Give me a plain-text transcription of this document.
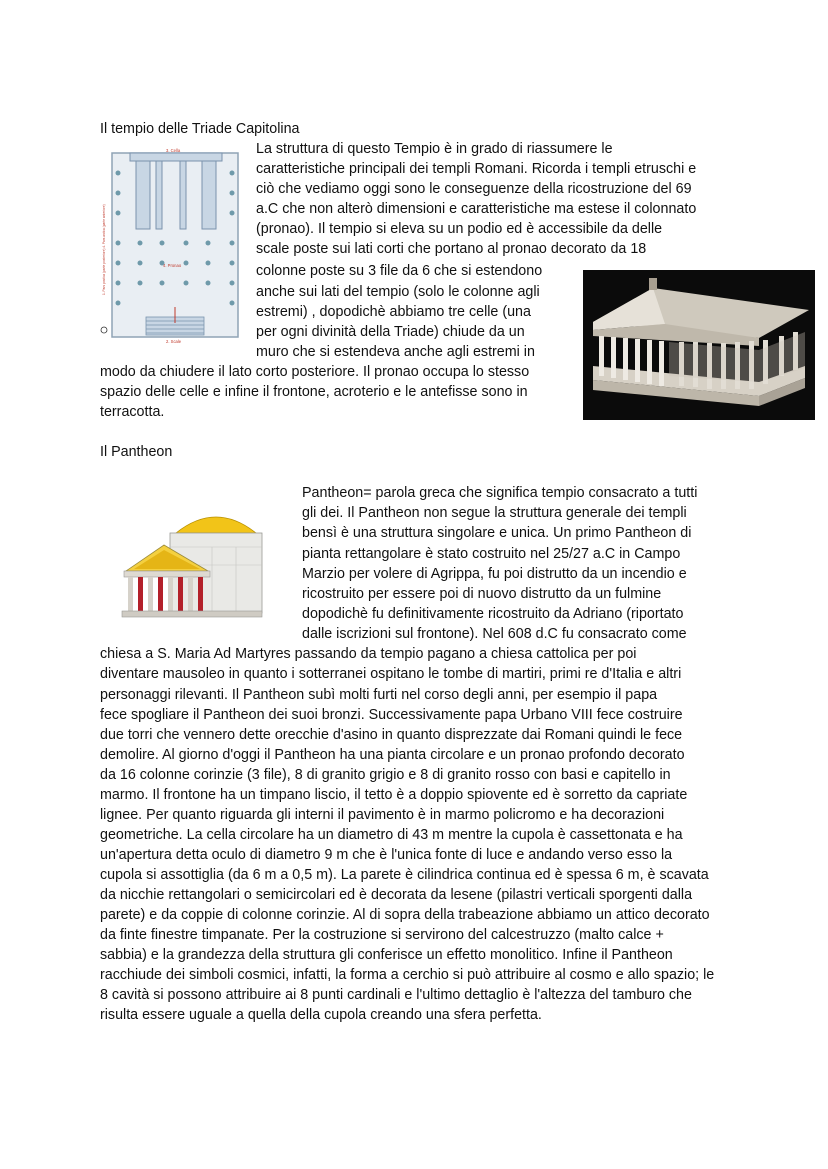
Il tempio delle Triade Capitolina
3. Cella
4. Pronao
2. Scale
1. Pars postica (parte posteriore) 4. Pars antica (parte anteriore)
La struttura di questo Tempio è in grado di riassumere le
caratteristiche principali dei templi Romani. Ricorda i templi etruschi e
ciò che vediamo oggi sono le conseguenze della ricostruzione del 69
a.C che non alterò dimensioni e caratteristiche ma estese il colonnato
(pronao). Il tempio si eleva su un podio ed è accessibile da delle
scale poste sui lati corti che portano al pronao decorato da 18
colonne poste su 3 file da 6 che si estendono
anche sui lati del tempio (solo le colonne agli
estremi) , dopodichè abbiamo tre celle (una
per ogni divinità della Triade) chiude da un
muro che si estendeva anche agli estremi in
modo da chiudere il lato corto posteriore. Il pronao occupa lo stesso
spazio delle celle e infine il frontone, acroterio e le antefisse sono in
terracotta.
Il Pantheon
Pantheon= parola greca che significa tempio consacrato a tutti
gli dei. Il Pantheon non segue la struttura generale dei templi
bensì è una struttura singolare e unica. Un primo Pantheon di
pianta rettangolare è stato costruito nel 25/27 a.C in Campo
Marzio per volere di Agrippa, fu poi distrutto da un incendio e
ricostruito per essere poi di nuovo distrutto da un fulmine
dopodichè fu definitivamente ricostruito da Adriano (riportato
dalle iscrizioni sul frontone). Nel 608 d.C fu consacrato come
chiesa a S. Maria Ad Martyres passando da tempio pagano a chiesa cattolica per poi
diventare mausoleo in quanto i sotterranei ospitano le tombe di martiri, primi re d'Italia e altri
personaggi rilevanti. Il Pantheon subì molti furti nel corso degli anni, per esempio il papa
fece spogliare il Pantheon dei suoi bronzi. Successivamente papa Urbano VIII fece costruire
due torri che vennero dette orecchie d'asino in quanto disprezzate dai Romani quindi le fece
demolire. Al giorno d'oggi il Pantheon ha una pianta circolare e un pronao profondo decorato
da 16 colonne corinzie (3 file), 8 di granito grigio e 8 di granito rosso con basi e capitello in
marmo. Il frontone ha un timpano liscio, il tetto è a doppio spiovente ed è sorretto da capriate
lignee. Per quanto riguarda gli interni il pavimento è in marmo policromo e ha decorazioni
geometriche. La cella circolare ha un diametro di 43 m mentre la cupola è cassettonata e ha
un'apertura detta oculo di diametro 9 m che è l'unica fonte di luce e andando verso esso la
cupola si assottiglia (da 6 m a 0,5 m). La parete è cilindrica continua ed è spessa 6 m, è scavata
da nicchie rettangolari o semicircolari ed è decorata da lesene (pilastri verticali sporgenti dalla
parete) e da coppie di colonne corinzie. Al di sopra della trabeazione abbiamo un attico decorato
da finte finestre timpanate. Per la costruzione si servirono del calcestruzzo (malto calce +
sabbia) e la grandezza della struttura gli conferisce un effetto monolitico. Infine il Pantheon
racchiude dei simboli cosmici, infatti, la forma a cerchio si può attribuire al cosmo e allo spazio; le
8 cavità si possono attribuire ai 8 punti cardinali e l'ultimo dettaglio è l'altezza del tamburo che
risulta essere uguale a quella della cupola creando una sfera perfetta.
